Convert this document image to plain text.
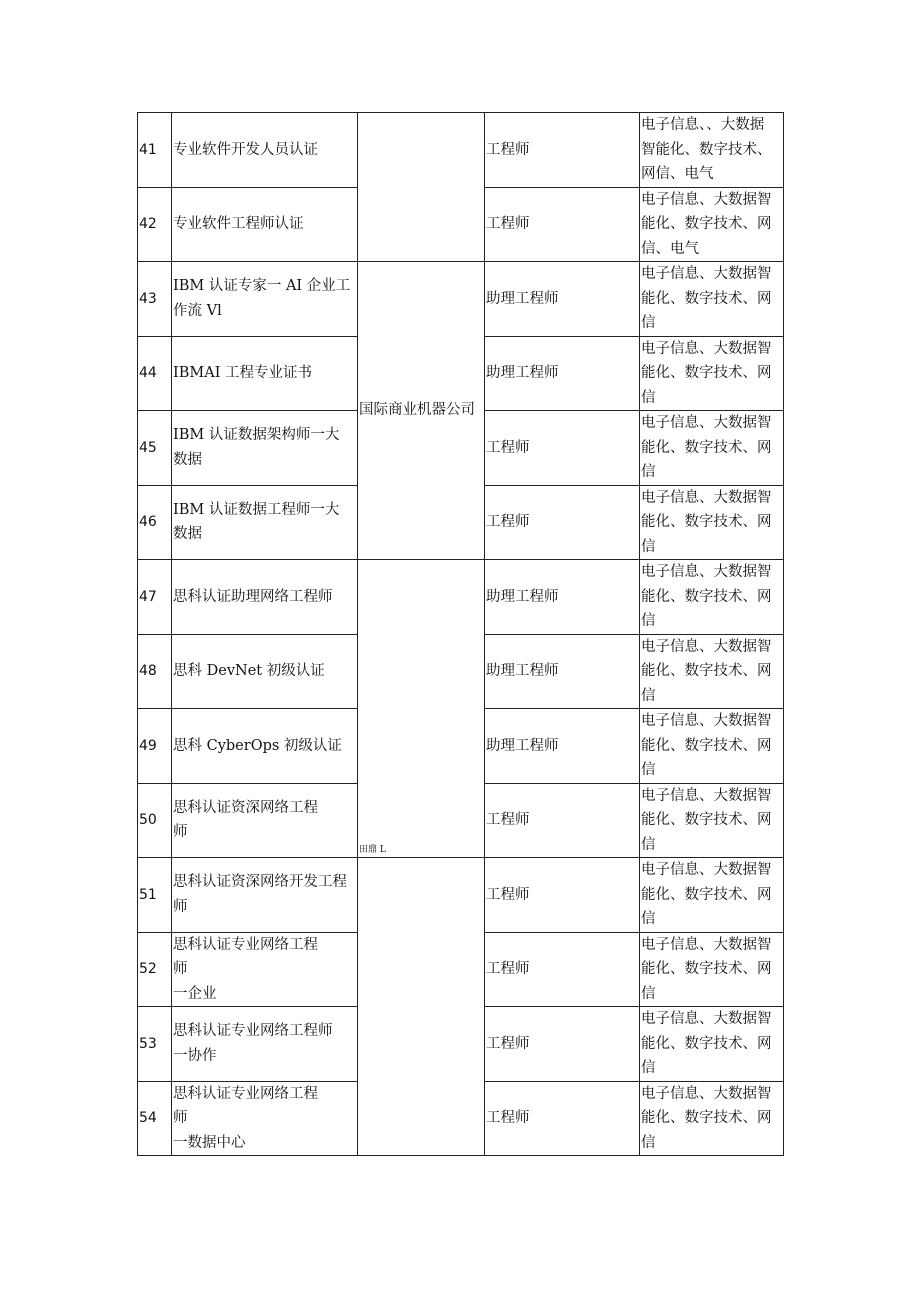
41	专业软件开发人员认证		工程师	电子信息、、大数据
智能化、数字技术、
网信、电气
42	专业软件工程师认证		工程师	电子信息、大数据智
能化、数字技术、网
信、电气
43	IBM 认证专家一 AI 企业工
作流 Vl	国际商业机器公司	助理工程师	电子信息、大数据智
能化、数字技术、网
信
44	IBMAI 工程专业证书		助理工程师	电子信息、大数据智
能化、数字技术、网
信
45	IBM 认证数据架构师一大
数据		工程师	电子信息、大数据智
能化、数字技术、网
信
46	IBM 认证数据工程师一大
数据		工程师	电子信息、大数据智
能化、数字技术、网
信
47	思科认证助理网络工程师	田鼎 L	助理工程师	电子信息、大数据智
能化、数字技术、网
信
48	思科 DevNet 初级认证		助理工程师	电子信息、大数据智
能化、数字技术、网
信
49	思科 CyberOps 初级认证		助理工程师	电子信息、大数据智
能化、数字技术、网
信
50	思科认证资深网络工程
师		工程师	电子信息、大数据智
能化、数字技术、网
信
51	思科认证资深网络开发工程
师		工程师	电子信息、大数据智
能化、数字技术、网
信
52	思科认证专业网络工程
师
一企业		工程师	电子信息、大数据智
能化、数字技术、网
信
53	思科认证专业网络工程师
一协作		工程师	电子信息、大数据智
能化、数字技术、网
信
54	思科认证专业网络工程
师
一数据中心		工程师	电子信息、大数据智
能化、数字技术、网
信
